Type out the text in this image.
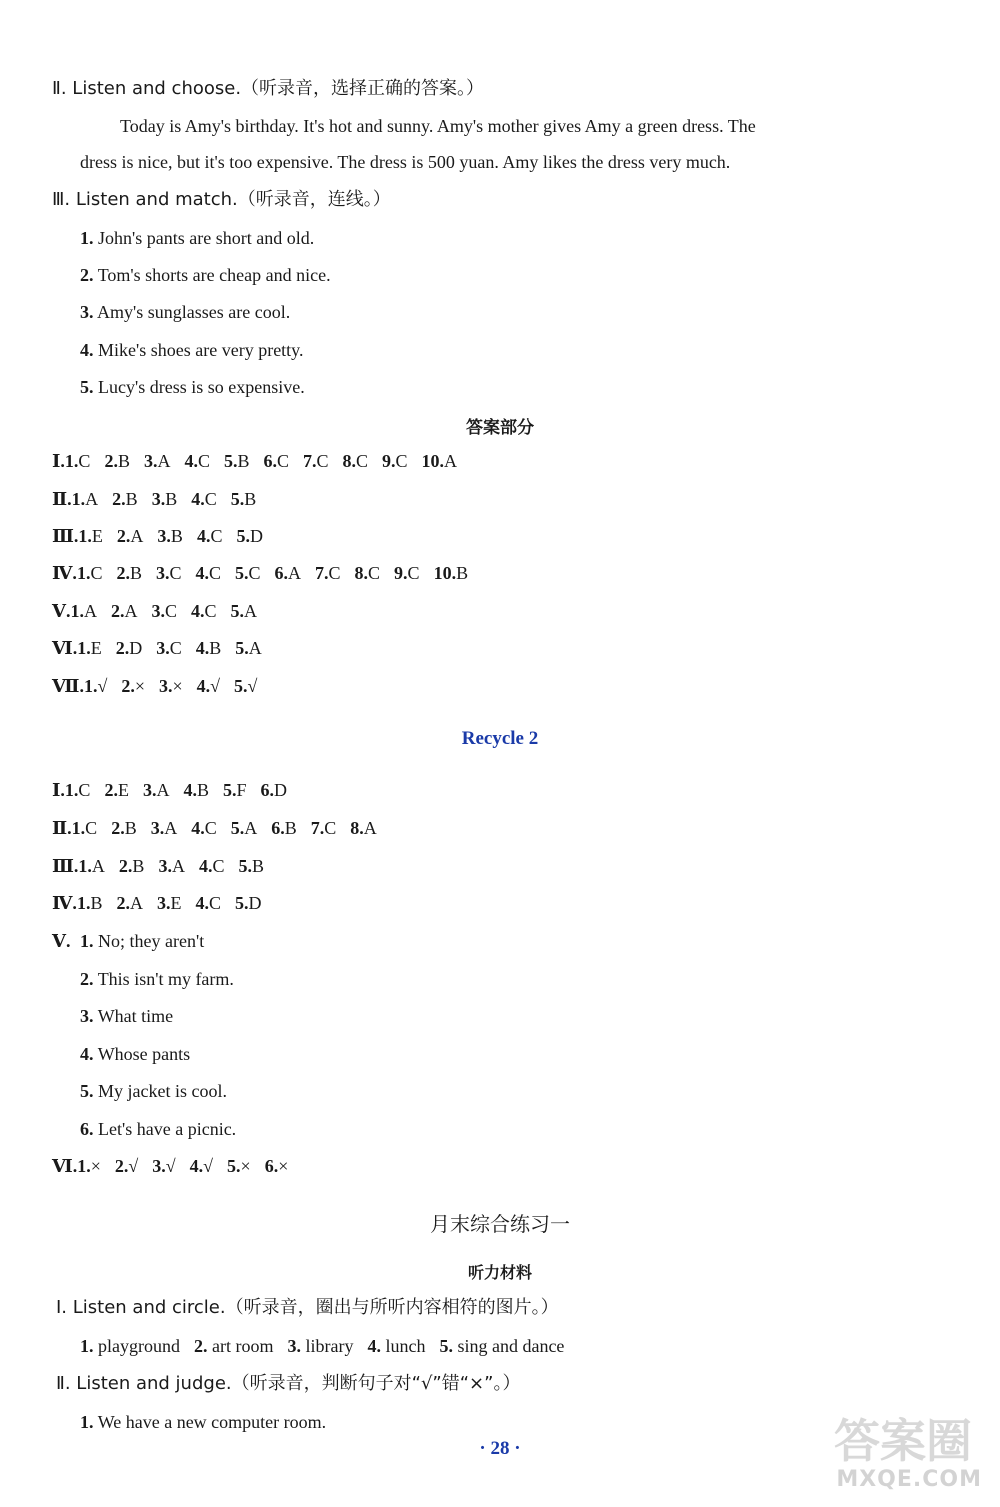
Ⅱ. Listen and choose.（听录音，选择正确的答案。）
Today is Amy's birthday. It's hot and sunny. Amy's mother gives Amy a green dress. The
dress is nice, but it's too expensive. The dress is 500 yuan. Amy likes the dress very much.
Ⅲ. Listen and match.（听录音，连线。）
答案部分
Recycle 2
Ⅴ.
月末综合练习一
听力材料
Ⅰ. Listen and circle.（听录音，圈出与所听内容相符的图片。）
1. playground 2. art room 3. library 4. lunch 5. sing and dance
Ⅱ. Listen and judge.（听录音，判断句子对“√”错“×”。）
1. We have a new computer room.
· 28 ·	答案圈
MXQE.COM
1. John's pants are short and old.
2. Tom's shorts are cheap and nice.
3. Amy's sunglasses are cool.
4. Mike's shoes are very pretty.
5. Lucy's dress is so expensive.
Ⅰ.1.C 2.B 3.A 4.C 5.B 6.C 7.C 8.C 9.C 10.A
Ⅱ.1.A 2.B 3.B 4.C 5.B
Ⅲ.1.E 2.A 3.B 4.C 5.D
Ⅳ.1.C 2.B 3.C 4.C 5.C 6.A 7.C 8.C 9.C 10.B
Ⅴ.1.A 2.A 3.C 4.C 5.A
Ⅵ.1.E 2.D 3.C 4.B 5.A
Ⅶ.1.√ 2.× 3.× 4.√ 5.√
Ⅰ.1.C 2.E 3.A 4.B 5.F 6.D
Ⅱ.1.C 2.B 3.A 4.C 5.A 6.B 7.C 8.A
Ⅲ.1.A 2.B 3.A 4.C 5.B
Ⅳ.1.B 2.A 3.E 4.C 5.D
1. No; they aren't
2. This isn't my farm.
3. What time
4. Whose pants
5. My jacket is cool.
6. Let's have a picnic.
Ⅵ.1.× 2.√ 3.√ 4.√ 5.× 6.×
